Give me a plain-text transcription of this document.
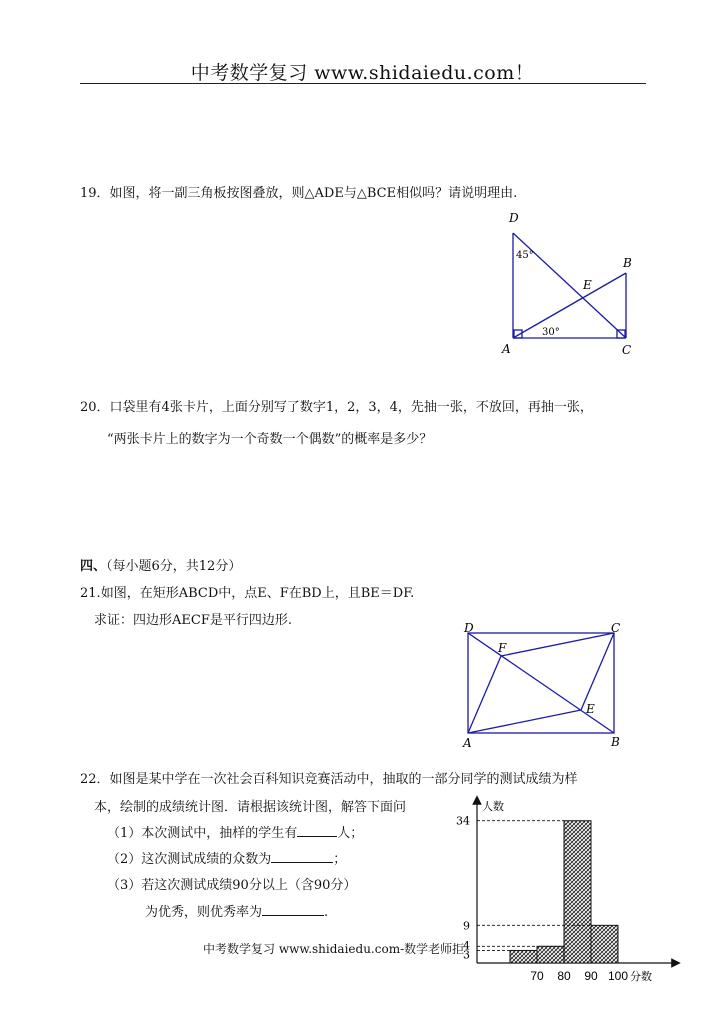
中考数学复习 www.shidaiedu.com！
19．如图，将一副三角板按图叠放，则△ADE与△BCE相似吗？请说明理由.
D
B
E
A	C
45°
30°
20．口袋里有4张卡片，上面分别写了数字1，2，3，4，先抽一张，不放回，再抽一张，
“两张卡片上的数字为一个奇数一个偶数”的概率是多少？
四、（每小题6分，共12分）
21.如图，在矩形ABCD中，点E、F在BD上，且BE＝DF.
求证：四边形AECF是平行四边形.	D	C
F
E
A	B
22．如图是某中学在一次社会百科知识竞赛活动中，抽取的一部分同学的测试成绩为样
本，绘制的成绩统计图．请根据该统计图，解答下面问
（1）本次测试中，抽样的学生有	人；
（2）这次测试成绩的众数为	；
（3）若这次测试成绩90分以上（含90分）
为优秀，则优秀率为	.
人数
分数
3
4
9
34
70 80 90 100
中考数学复习 www.shidaiedu.com-数学老师拒
